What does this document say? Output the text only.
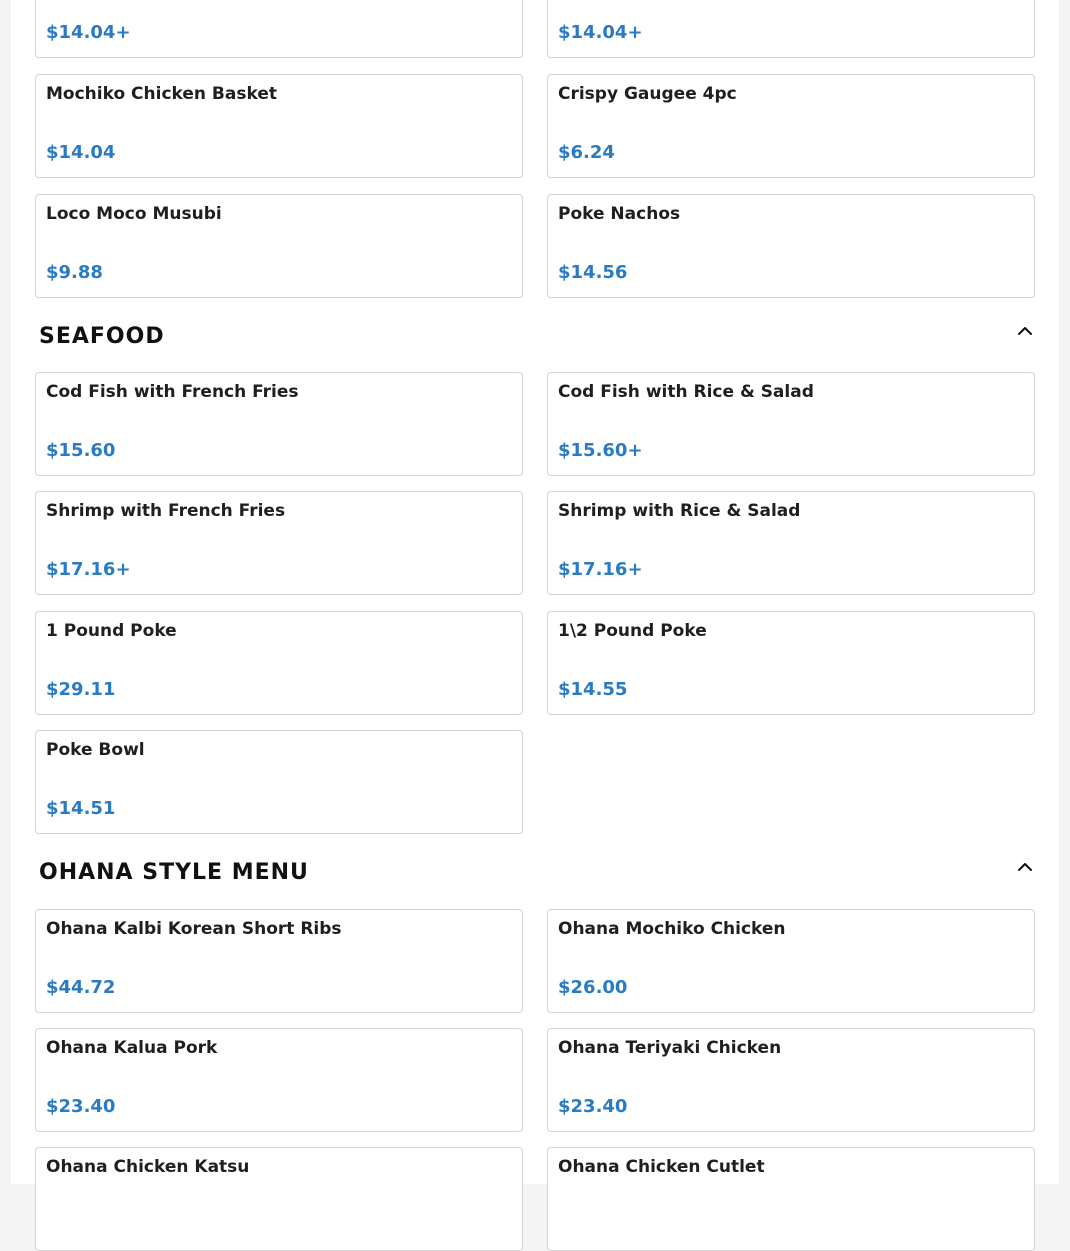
$14.04+	$14.04+
Mochiko Chicken Basket
$14.04
Crispy Gaugee 4pc
$6.24
Loco Moco Musubi
$9.88
Poke Nachos
$14.56
SEAFOOD
Cod Fish with French Fries
$15.60
Cod Fish with Rice & Salad
$15.60+
Shrimp with French Fries
$17.16+
Shrimp with Rice & Salad
$17.16+
1 Pound Poke
$29.11
1\2 Pound Poke
$14.55
Poke Bowl
$14.51
OHANA STYLE MENU
Ohana Kalbi Korean Short Ribs
$44.72
Ohana Mochiko Chicken
$26.00
Ohana Kalua Pork
$23.40
Ohana Teriyaki Chicken
$23.40
Ohana Chicken Katsu	Ohana Chicken Cutlet
